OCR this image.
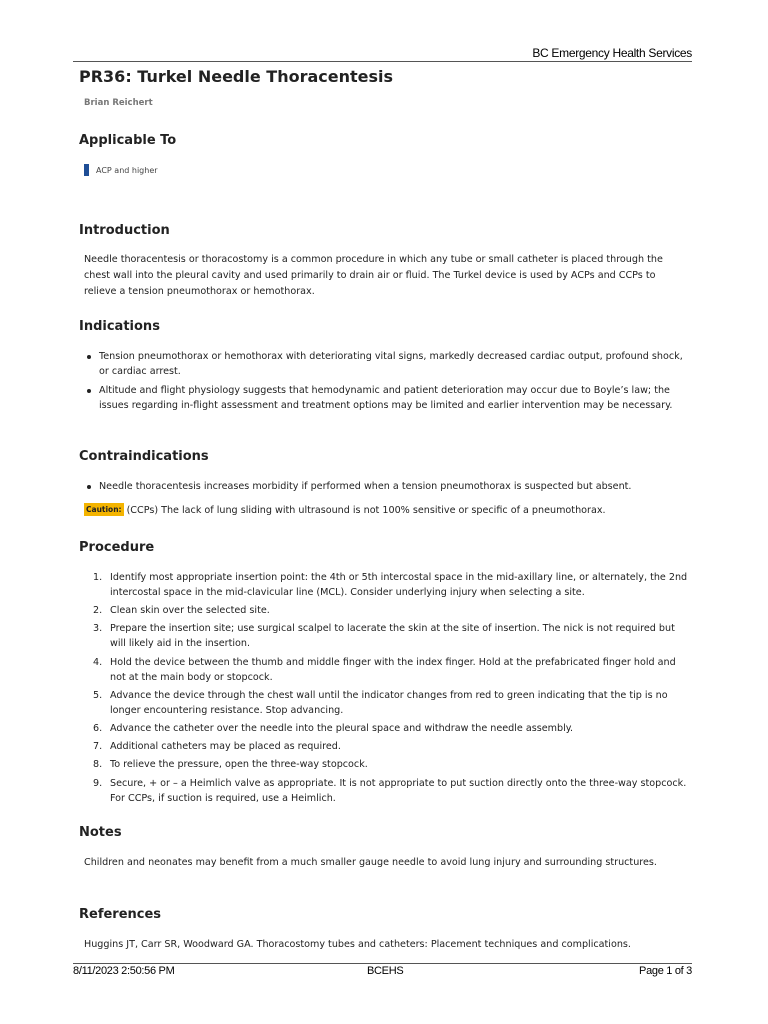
BC Emergency Health Services
PR36: Turkel Needle Thoracentesis
Brian Reichert
Applicable To
ACP and higher
Introduction

Needle thoracentesis or thoracostomy is a common procedure in which any tube or small catheter is placed through the chest wall into the pleural cavity and used primarily to drain air or fluid. The Turkel device is used by ACPs and CCPs to relieve a tension pneumothorax or hemothorax.

Indications
Tension pneumothorax or hemothorax with deteriorating vital signs, markedly decreased cardiac output, profound shock, or cardiac arrest.
Altitude and flight physiology suggests that hemodynamic and patient deterioration may occur due to Boyle’s law; the issues regarding in-flight assessment and treatment options may be limited and earlier intervention may be necessary.
Contraindications
Needle thoracentesis increases morbidity if performed when a tension pneumothorax is suspected but absent.
Caution: (CCPs) The lack of lung sliding with ultrasound is not 100% sensitive or specific of a pneumothorax.
Procedure
Identify most appropriate insertion point: the 4th or 5th intercostal space in the mid-axillary line, or alternately, the 2nd intercostal space in the mid-clavicular line (MCL). Consider underlying injury when selecting a site.
Clean skin over the selected site.
Prepare the insertion site; use surgical scalpel to lacerate the skin at the site of insertion. The nick is not required but will likely aid in the insertion.
Hold the device between the thumb and middle finger with the index finger. Hold at the prefabricated finger hold and not at the main body or stopcock.
Advance the device through the chest wall until the indicator changes from red to green indicating that the tip is no longer encountering resistance. Stop advancing.
Advance the catheter over the needle into the pleural space and withdraw the needle assembly.
Additional catheters may be placed as required.
To relieve the pressure, open the three-way stopcock.
Secure, + or – a Heimlich valve as appropriate. It is not appropriate to put suction directly onto the three-way stopcock. For CCPs, if suction is required, use a Heimlich.
Notes

Children and neonates may benefit from a much smaller gauge needle to avoid lung injury and surrounding structures.

References

Huggins JT, Carr SR, Woodward GA. Thoracostomy tubes and catheters: Placement techniques and complications.

8/11/2023 2:50:56 PM	BCEHS	Page 1 of 3
